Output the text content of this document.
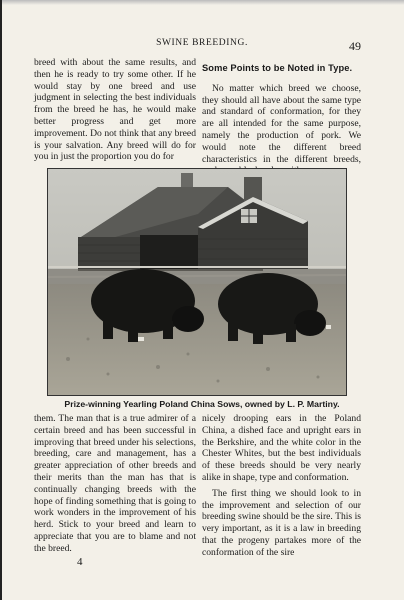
SWINE BREEDING.	49

breed with about the same results, and then he is ready to try some other. If he would stay by one breed and use judgment in selecting the best individuals from the breed he has, he would make better progress and get more improvement. Do not think that any breed is your salvation. Any breed will do for you in just the proportion you do for

Some Points to be Noted in Type.

No matter which breed we choose, they should all have about the same type and standard of conformation, for they are all intended for the same purpose, namely the production of pork. We would note the different breed characteristics in the different breeds,

Prize-winning Yearling Poland China Sows, owned by L. P. Martiny.

them. The man that is a true admirer of a certain breed and has been successful in improving that breed under his selections, breeding, care and management, has a greater appreciation of other breeds and their merits than the man has that is continually changing breeds with the hope of finding something that is going to work wonders in the improvement of his herd. Stick to your breed and learn to appreciate that you are to blame and not the breed.

nicely drooping ears in the Poland China, a dished face and upright ears in the Berkshire, and the white color in the Chester Whites, but the best individuals of these breeds should be very nearly alike in shape, type and conformation.

The first thing we should look to in the improvement and selection of our breeding swine should be the sire. This is very important, as it is a law in breeding that the progeny partakes more of the conformation of the sire

4
